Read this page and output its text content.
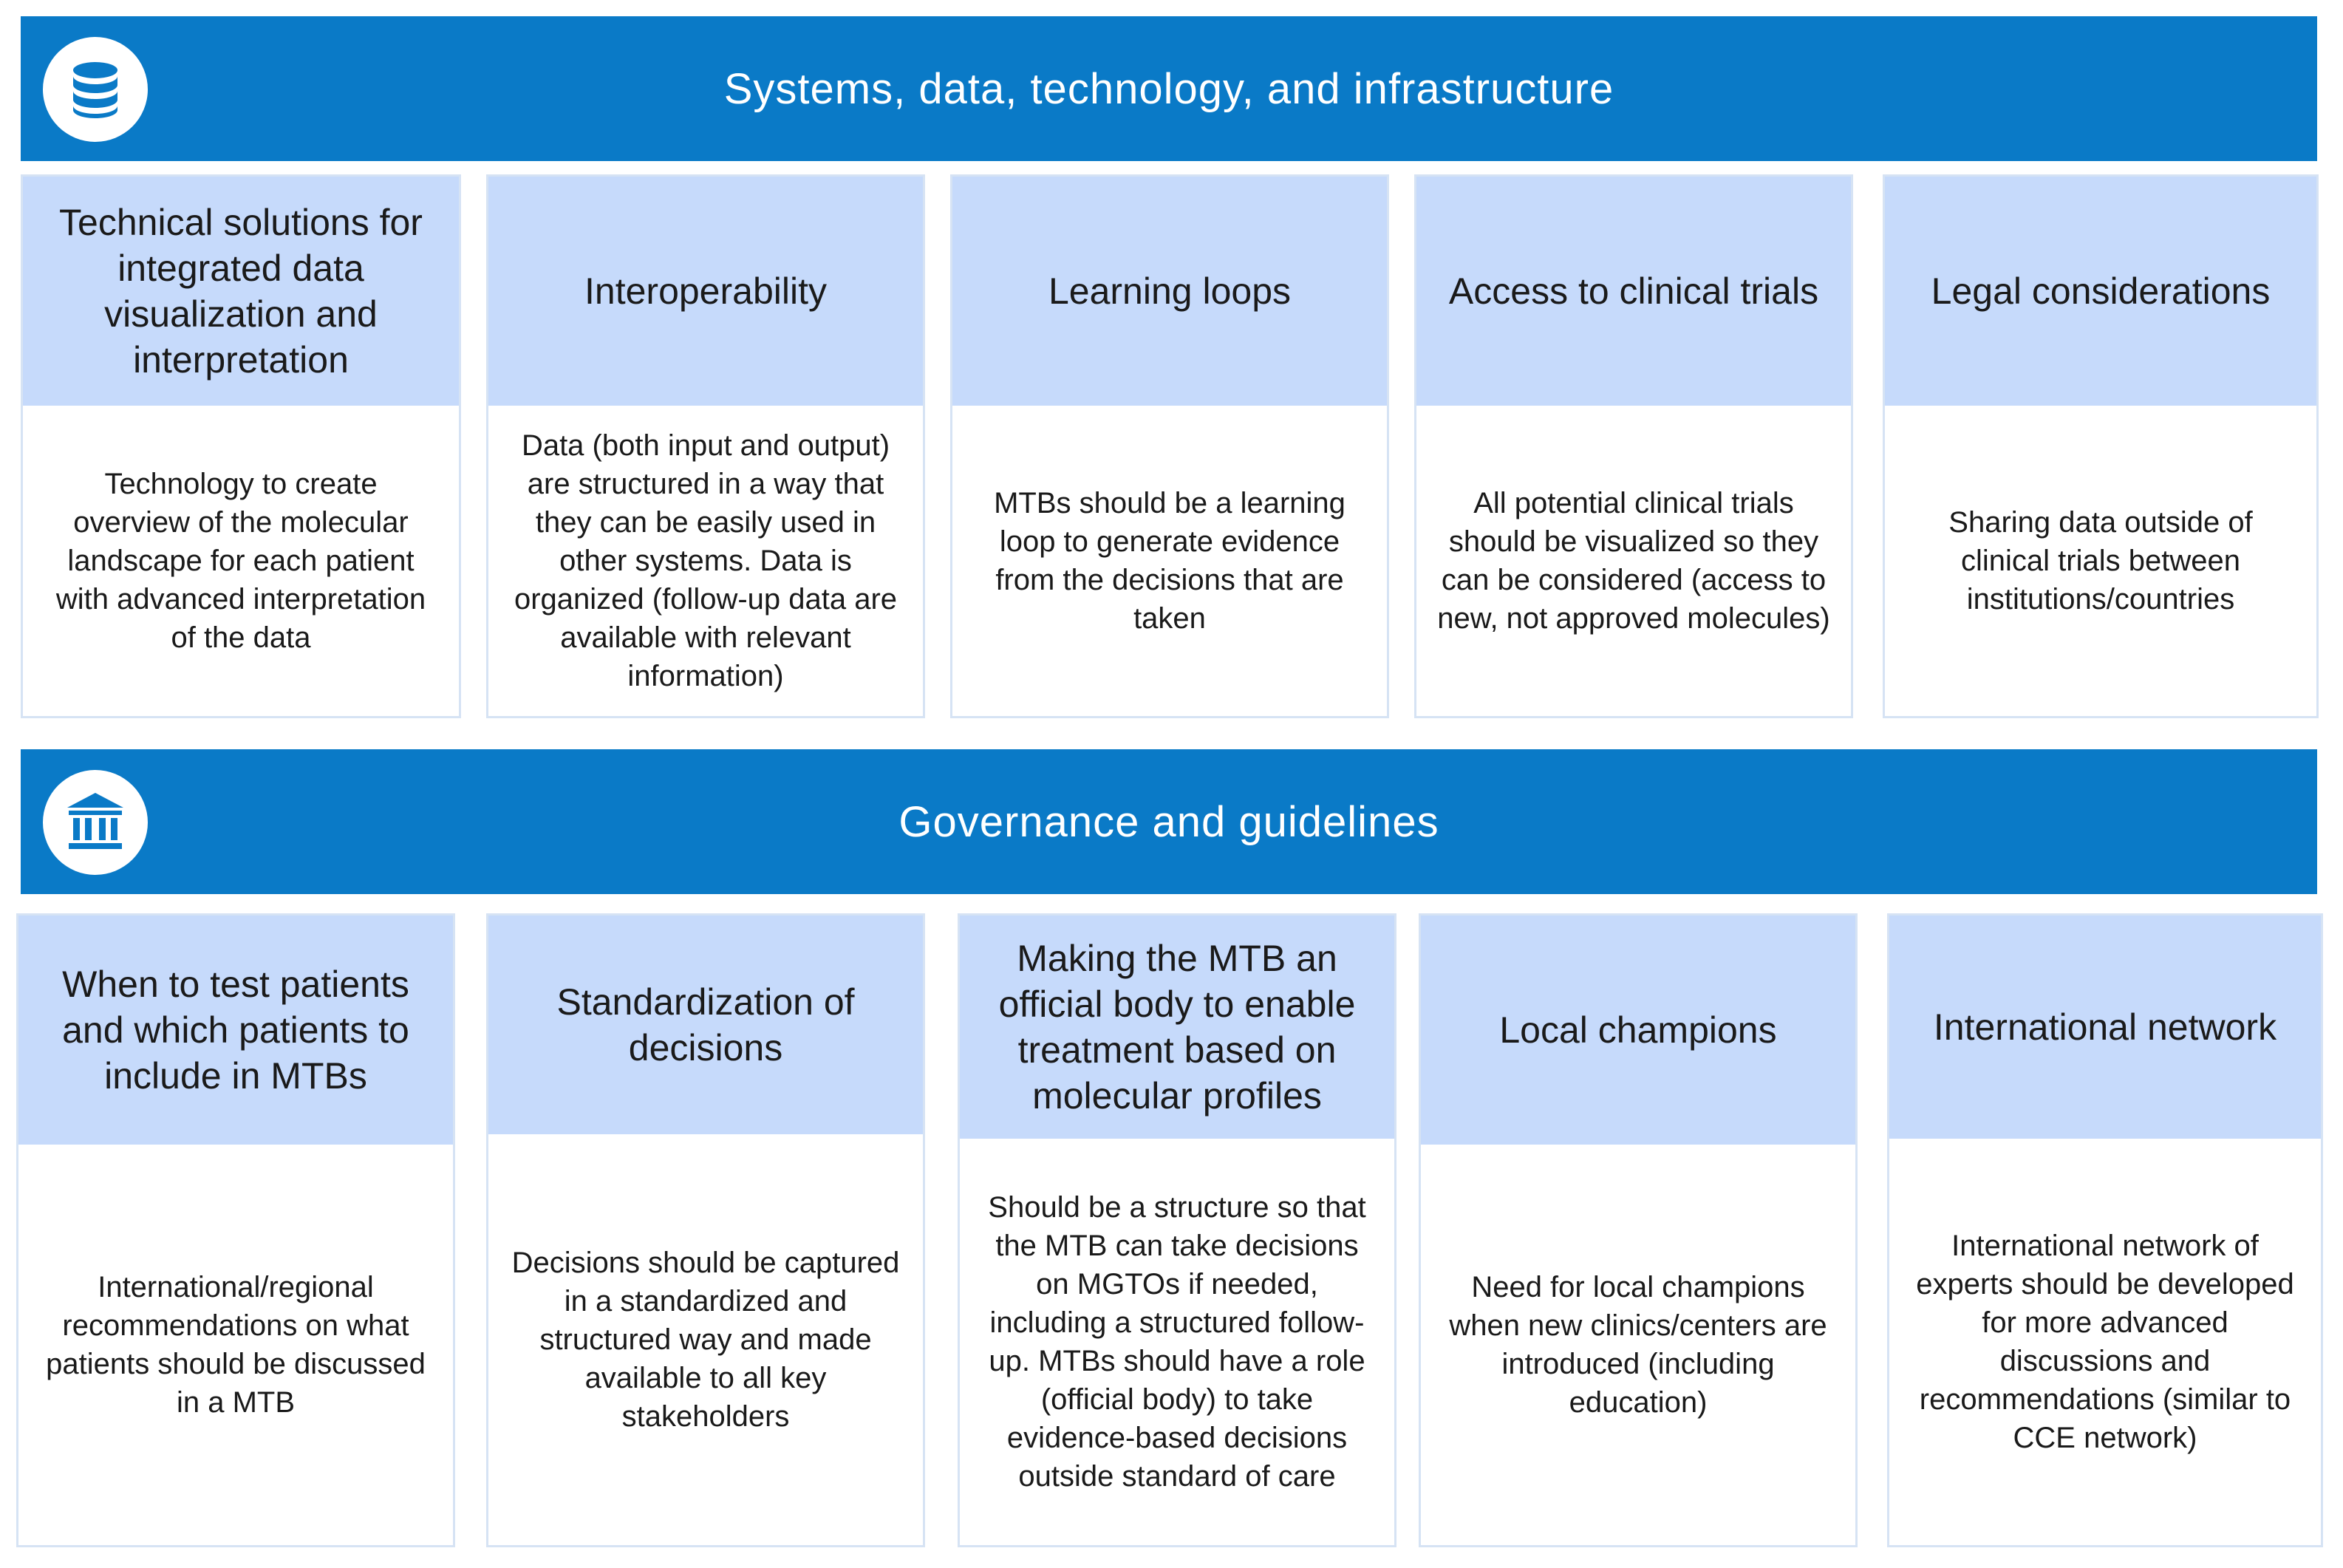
Systems, data, technology, and infrastructure
Technical solutions for integrated data visualization and interpretation
Technology to create overview of the molecular landscape for each patient with advanced interpretation of the data
Interoperability
Data (both input and output) are structured in a way that they can be easily used in other systems. Data is organized (follow-up data are available with relevant information)
Learning loops
MTBs should be a learning loop to generate evidence from the decisions that are taken
Access to clinical trials
All potential clinical trials should be visualized so they can be considered (access to new, not approved molecules)
Legal considerations
Sharing data outside of clinical trials between institutions/countries
Governance and guidelines
When to test patients and which patients to include in MTBs
International/regional recommendations on what patients should be discussed in a MTB
Standardization of decisions
Decisions should be captured in a standardized and structured way and made available to all key stakeholders
Making the MTB an official body to enable treatment based on molecular profiles
Should be a structure so that the MTB can take decisions on MGTOs if needed, including a structured follow-up. MTBs should have a role (official body) to take evidence-based decisions outside standard of care
Local champions
Need for local champions when new clinics/centers are introduced (including education)
International network
International network of experts should be developed for more advanced discussions and recommendations (similar to CCE network)
